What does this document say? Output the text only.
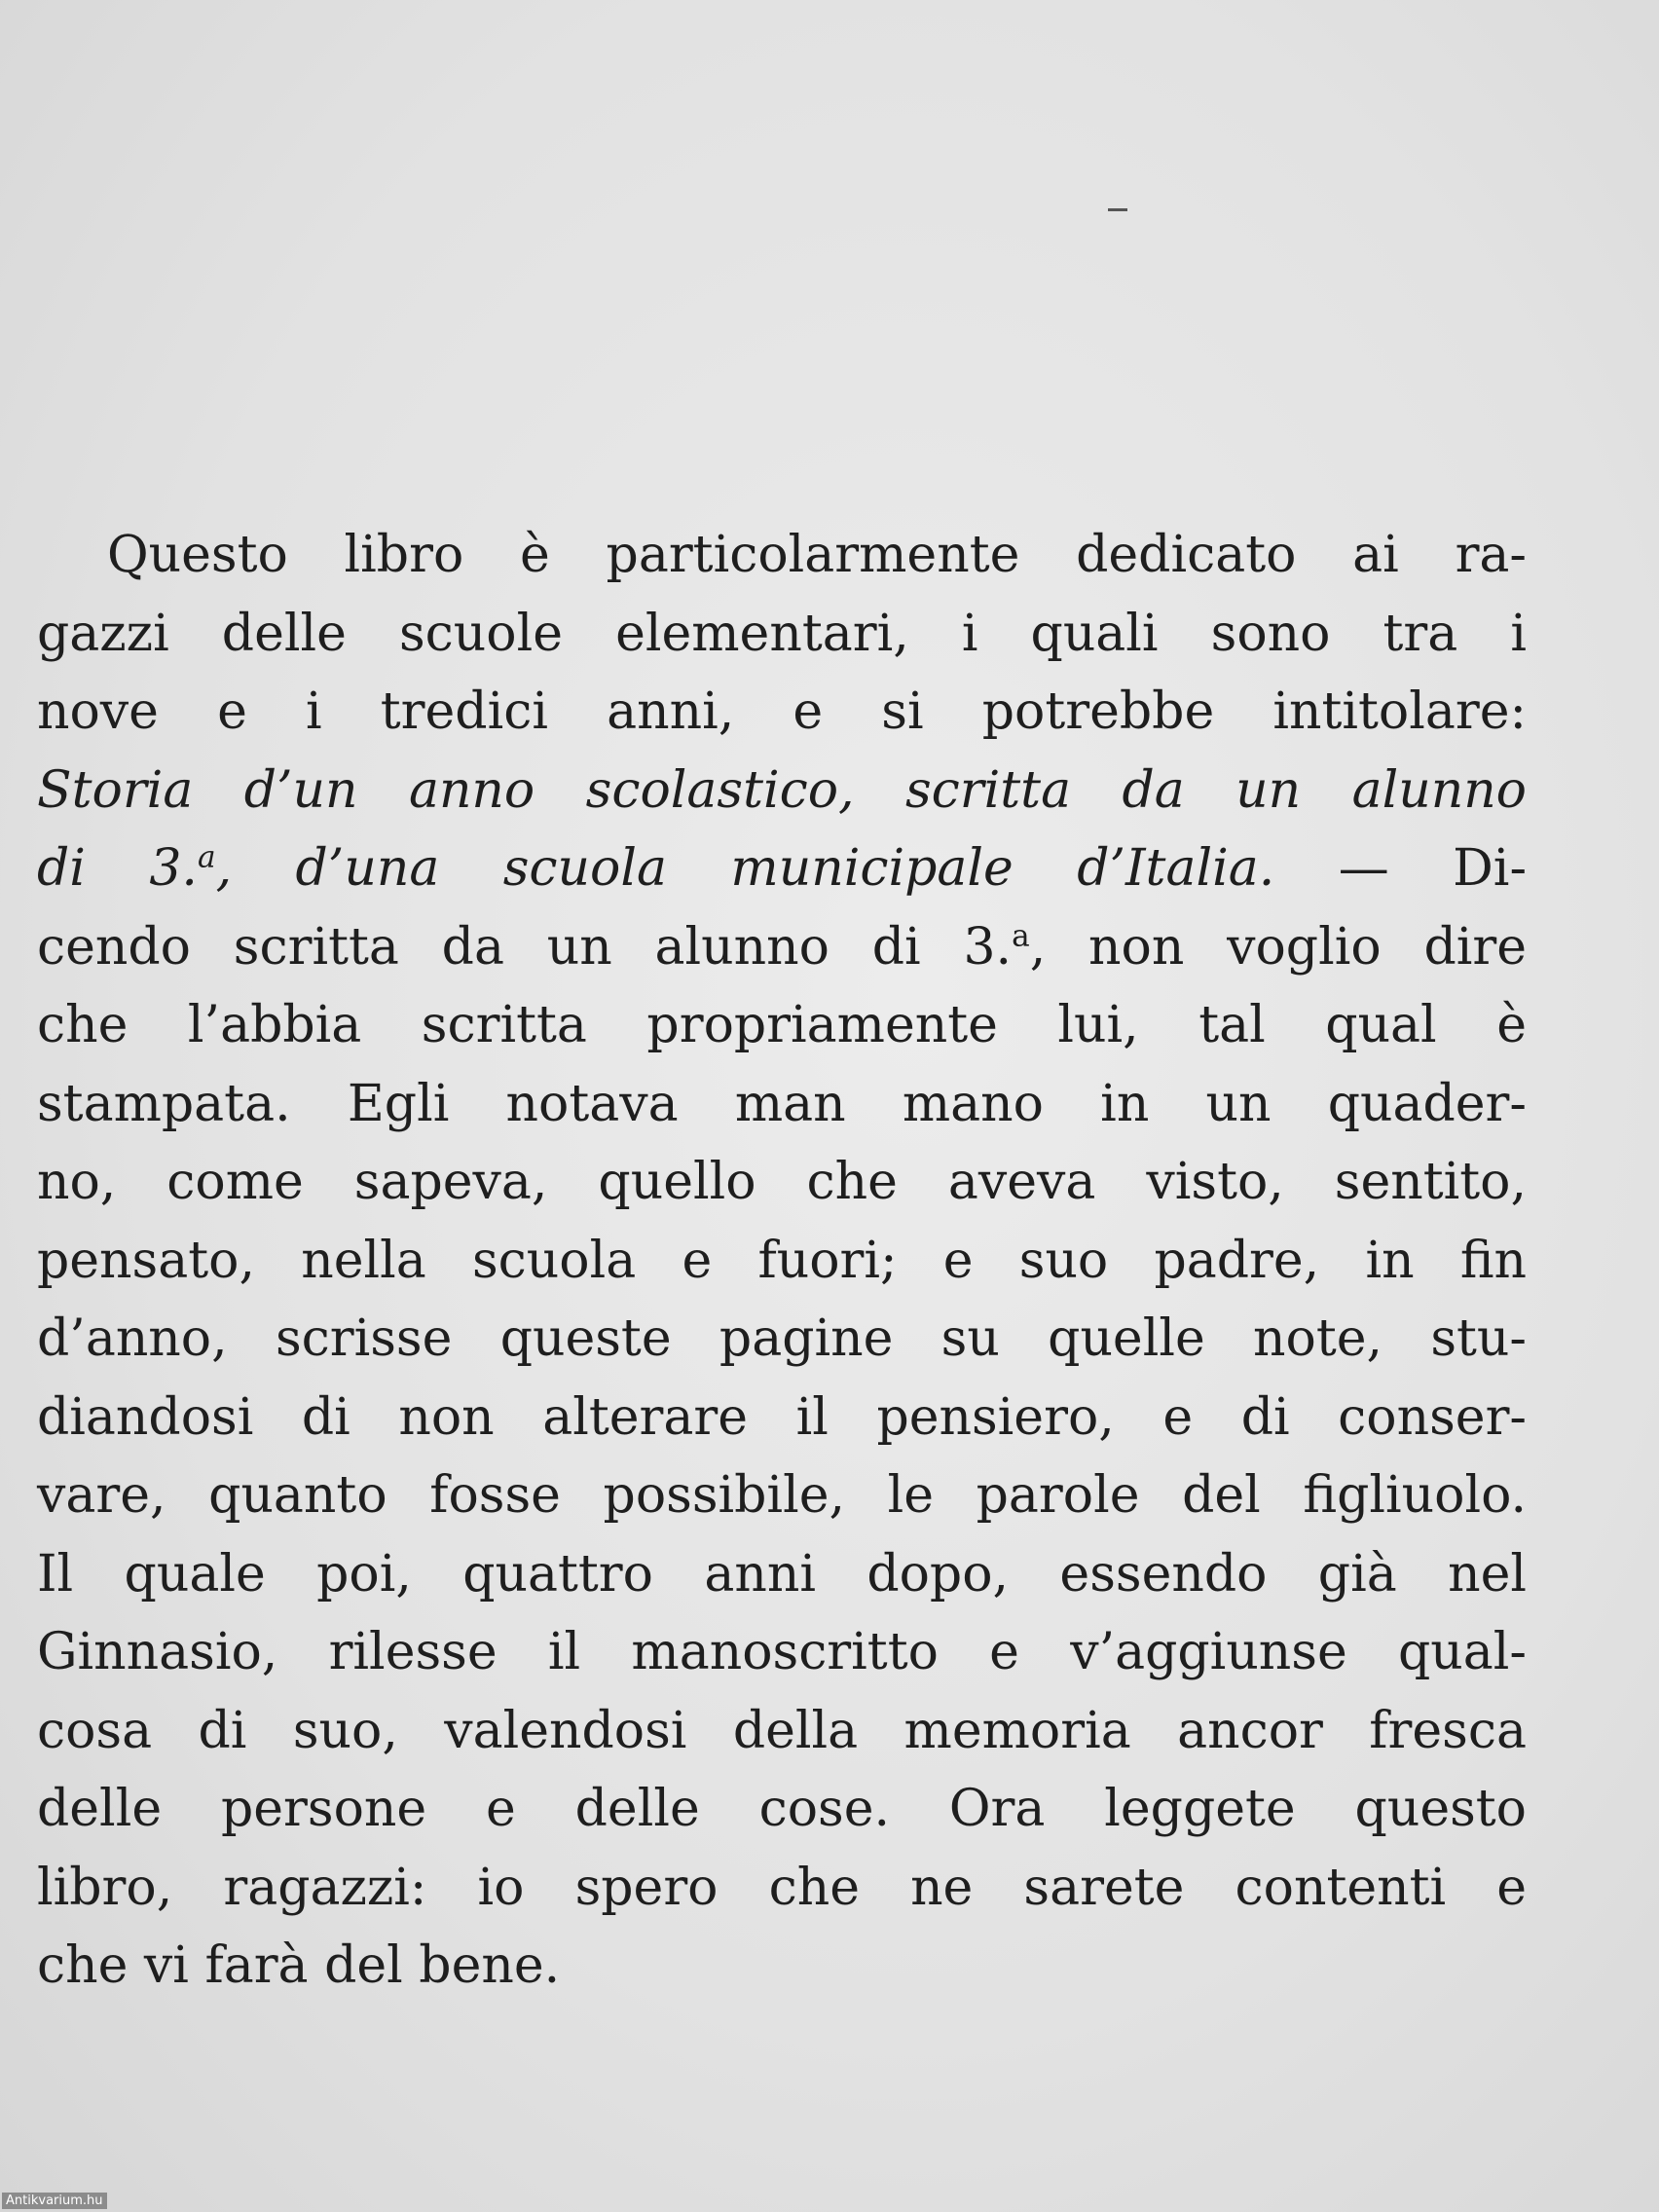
Questo libro è particolarmente dedicato ai ra-
gazzi delle scuole elementari, i quali sono tra i
nove e i tredici anni, e si potrebbe intitolare:
Storia d’un anno scolastico, scritta da un alunno
di 3.$^a$, d’una scuola municipale d’Italia. — Di-
cendo scritta da un alunno di 3.$^a$, non voglio dire
che l’abbia scritta propriamente lui, tal qual è
stampata. Egli notava man mano in un quader-
no, come sapeva, quello che aveva visto, sentito,
pensato, nella scuola e fuori; e suo padre, in fin
d’anno, scrisse queste pagine su quelle note, stu-
diandosi di non alterare il pensiero, e di conser-
vare, quanto fosse possibile, le parole del figliuolo.
Il quale poi, quattro anni dopo, essendo già nel
Ginnasio, rilesse il manoscritto e v’aggiunse qual-
cosa di suo, valendosi della memoria ancor fresca
delle persone e delle cose. Ora leggete questo
libro, ragazzi: io spero che ne sarete contenti e
che vi farà del bene.
Antikvarium.hu
